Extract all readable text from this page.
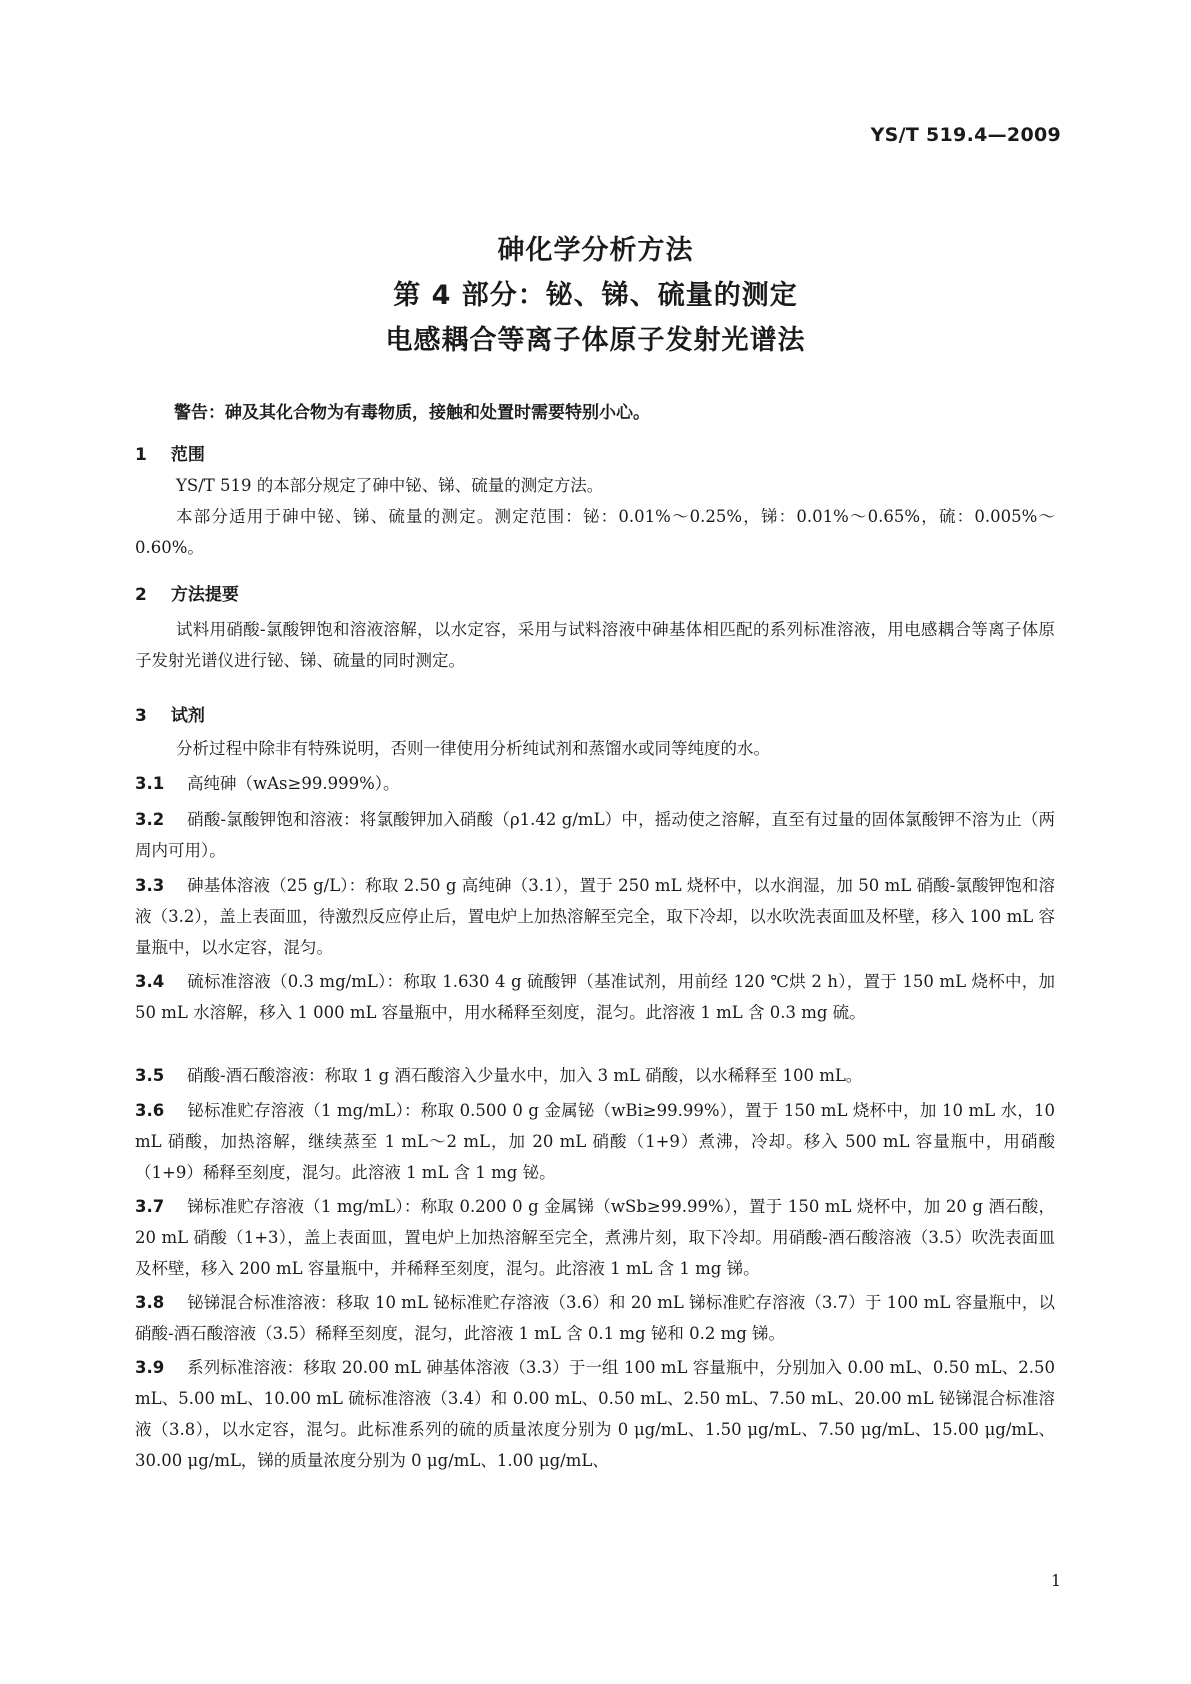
YS/T 519.4—2009
砷化学分析方法
第 4 部分：铋、锑、硫量的测定
电感耦合等离子体原子发射光谱法
警告：砷及其化合物为有毒物质，接触和处置时需要特别小心。
1 范围
YS/T 519 的本部分规定了砷中铋、锑、硫量的测定方法。
本部分适用于砷中铋、锑、硫量的测定。测定范围：铋：0.01%～0.25%，锑：0.01%～0.65%，硫：0.005%～0.60%。
2 方法提要
试料用硝酸-氯酸钾饱和溶液溶解，以水定容，采用与试料溶液中砷基体相匹配的系列标准溶液，用电感耦合等离子体原子发射光谱仪进行铋、锑、硫量的同时测定。
3 试剂
分析过程中除非有特殊说明，否则一律使用分析纯试剂和蒸馏水或同等纯度的水。
3.1 高纯砷（wAs≥99.999%）。
3.2 硝酸-氯酸钾饱和溶液：将氯酸钾加入硝酸（ρ1.42 g/mL）中，摇动使之溶解，直至有过量的固体氯酸钾不溶为止（两周内可用）。
3.3 砷基体溶液（25 g/L）：称取 2.50 g 高纯砷（3.1），置于 250 mL 烧杯中，以水润湿，加 50 mL 硝酸-氯酸钾饱和溶液（3.2），盖上表面皿，待激烈反应停止后，置电炉上加热溶解至完全，取下冷却，以水吹洗表面皿及杯壁，移入 100 mL 容量瓶中，以水定容，混匀。
3.4 硫标准溶液（0.3 mg/mL）：称取 1.630 4 g 硫酸钾（基准试剂，用前经 120 ℃烘 2 h），置于 150 mL 烧杯中，加 50 mL 水溶解，移入 1 000 mL 容量瓶中，用水稀释至刻度，混匀。此溶液 1 mL 含 0.3 mg 硫。
3.5 硝酸-酒石酸溶液：称取 1 g 酒石酸溶入少量水中，加入 3 mL 硝酸，以水稀释至 100 mL。
3.6 铋标准贮存溶液（1 mg/mL）：称取 0.500 0 g 金属铋（wBi≥99.99%），置于 150 mL 烧杯中，加 10 mL 水，10 mL 硝酸，加热溶解，继续蒸至 1 mL～2 mL，加 20 mL 硝酸（1+9）煮沸，冷却。移入 500 mL 容量瓶中，用硝酸（1+9）稀释至刻度，混匀。此溶液 1 mL 含 1 mg 铋。
3.7 锑标准贮存溶液（1 mg/mL）：称取 0.200 0 g 金属锑（wSb≥99.99%），置于 150 mL 烧杯中，加 20 g 酒石酸，20 mL 硝酸（1+3），盖上表面皿，置电炉上加热溶解至完全，煮沸片刻，取下冷却。用硝酸-酒石酸溶液（3.5）吹洗表面皿及杯壁，移入 200 mL 容量瓶中，并稀释至刻度，混匀。此溶液 1 mL 含 1 mg 锑。
3.8 铋锑混合标准溶液：移取 10 mL 铋标准贮存溶液（3.6）和 20 mL 锑标准贮存溶液（3.7）于 100 mL 容量瓶中，以硝酸-酒石酸溶液（3.5）稀释至刻度，混匀，此溶液 1 mL 含 0.1 mg 铋和 0.2 mg 锑。
3.9 系列标准溶液：移取 20.00 mL 砷基体溶液（3.3）于一组 100 mL 容量瓶中，分别加入 0.00 mL、0.50 mL、2.50 mL、5.00 mL、10.00 mL 硫标准溶液（3.4）和 0.00 mL、0.50 mL、2.50 mL、7.50 mL、20.00 mL 铋锑混合标准溶液（3.8），以水定容，混匀。此标准系列的硫的质量浓度分别为 0 μg/mL、1.50 μg/mL、7.50 μg/mL、15.00 μg/mL、30.00 μg/mL，锑的质量浓度分别为 0 μg/mL、1.00 μg/mL、
1
